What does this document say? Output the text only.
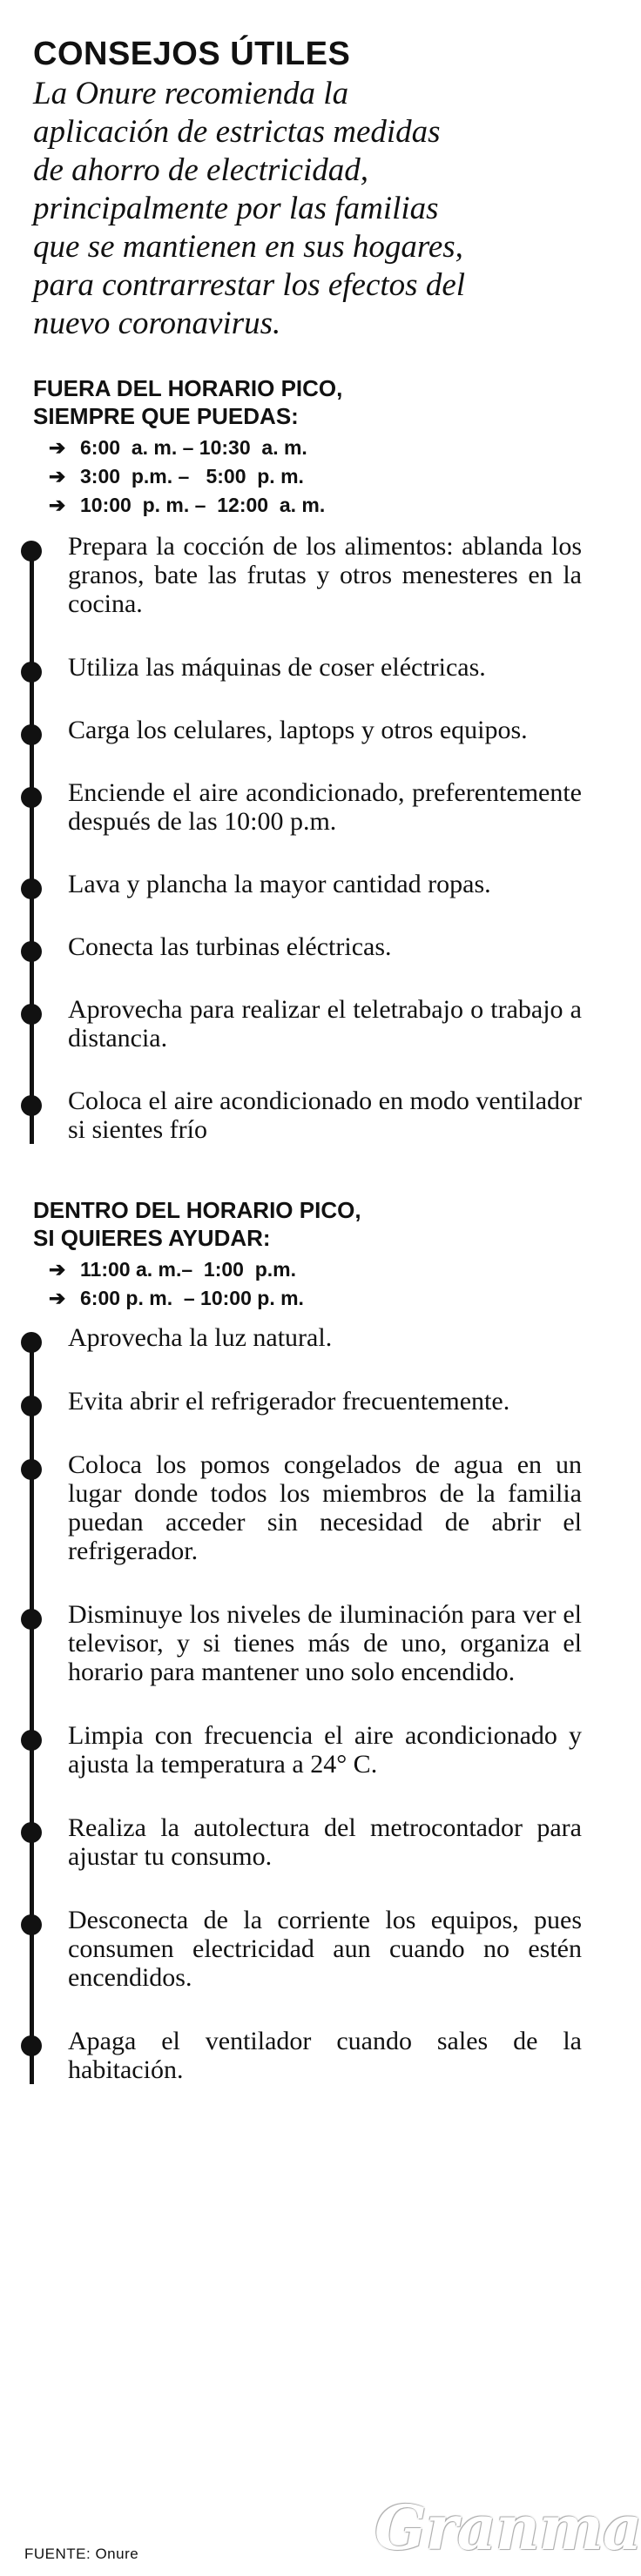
CONSEJOS ÚTILES
La Onure recomienda la
aplicación de estrictas medidas
de ahorro de electricidad,
principalmente por las familias
que se mantienen en sus hogares,
para contrarrestar los efectos del
nuevo coronavirus.
FUERA DEL HORARIO PICO,
SIEMPRE QUE PUEDAS:
➔ 6:00  a. m. – 10:30  a. m.
➔ 3:00  p.m. –   5:00  p. m.
➔ 10:00  p. m. –  12:00  a. m.
Prepara la cocción de los alimentos: ablanda los granos, bate las frutas y otros menesteres en la cocina.
Utiliza las máquinas de coser eléctricas.
Carga los celulares, laptops y otros equipos.
Enciende el aire acondicionado, preferentemente después de las 10:00 p.m.
Lava y plancha la mayor cantidad ropas.
Conecta las turbinas eléctricas.
Aprovecha para realizar el teletrabajo o trabajo a distancia.
Coloca el aire acondicionado en modo ventilador si sientes frío
DENTRO DEL HORARIO PICO,
SI QUIERES AYUDAR:
➔ 11:00 a. m.–  1:00  p.m.
➔ 6:00 p. m.  – 10:00 p. m.
Aprovecha la luz natural.
Evita abrir el refrigerador frecuentemente.
Coloca los pomos congelados de agua en un lugar donde todos los miembros de la familia puedan acceder sin necesidad de abrir el refrigerador.
Disminuye los niveles de iluminación para ver el televisor, y si tienes más de uno, organiza el horario para mantener uno solo encendido.
Limpia con frecuencia el aire acondicionado y ajusta la temperatura a 24° C.
Realiza la autolectura del metrocontador para ajustar tu consumo.
Desconecta de la corriente los equipos, pues consumen electricidad aun cuando no estén encendidos.
Apaga el ventilador cuando sales de la habitación.
Granma
FUENTE: Onure
